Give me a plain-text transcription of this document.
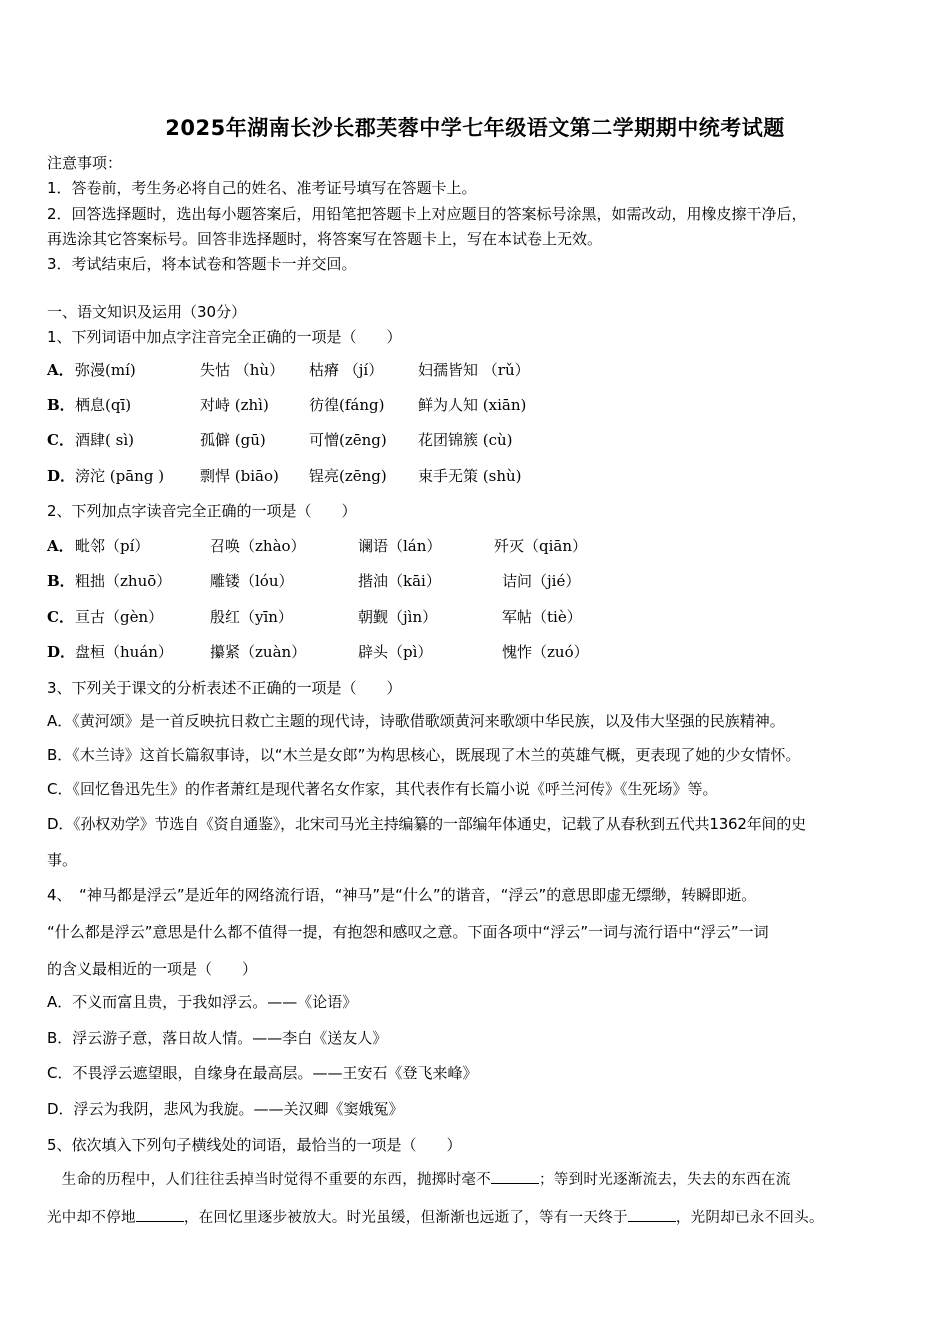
2025年湖南长沙长郡芙蓉中学七年级语文第二学期期中统考试题
注意事项：
1．答卷前，考生务必将自己的姓名、准考证号填写在答题卡上。
2．回答选择题时，选出每小题答案后，用铅笔把答题卡上对应题目的答案标号涂黑，如需改动，用橡皮擦干净后，
再选涂其它答案标号。回答非选择题时，将答案写在答题卡上，写在本试卷上无效。
3．考试结束后，将本试卷和答题卡一并交回。
一、语文知识及运用（30分）
1、下列词语中加点字注音完全正确的一项是（　　）
A． 弥漫(mí)	失怙 （hù） 枯瘠 （jí） 妇孺皆知 （rǔ）
B． 栖息(qī)	对峙 (zhì)	彷徨(fáng) 鲜为人知 (xiān)
C． 酒肆( sì)	孤僻 (gū)	可憎(zēng) 花团锦簇 (cù)
D． 滂沱 (pāng ) 剽悍 (biāo) 锃亮(zēng) 束手无策 (shù)
2、下列加点字读音完全正确的一项是（　　）
A． 毗邻（pí）	召唤（zhào）	谰语（lán）	歼灭（qiān）
B． 粗拙（zhuō）	雕镂（lóu）	揩油（kāi）	诘问（jié）
C． 亘古（gèn）	殷红（yīn）	朝觐（jìn）	军帖（tiè）
D． 盘桓（huán） 攥紧（zuàn）	辟头（pì）	愧怍（zuó）
3、下列关于课文的分析表述不正确的一项是（　　）
A．《黄河颂》是一首反映抗日救亡主题的现代诗，诗歌借歌颂黄河来歌颂中华民族，以及伟大坚强的民族精神。
B．《木兰诗》这首长篇叙事诗，以“木兰是女郎”为构思核心，既展现了木兰的英雄气概，更表现了她的少女情怀。
C．《回忆鲁迅先生》的作者萧红是现代著名女作家，其代表作有长篇小说《呼兰河传》《生死场》等。
D．《孙权劝学》节选自《资自通鉴》，北宋司马光主持编纂的一部编年体通史，记载了从春秋到五代共1362年间的史
事。
4、　“神马都是浮云”是近年的网络流行语，“神马”是“什么”的谐音，“浮云”的意思即虚无缥缈，转瞬即逝。
“什么都是浮云”意思是什么都不值得一提，有抱怨和感叹之意。下面各项中“浮云”一词与流行语中“浮云”一词
的含义最相近的一项是（　　）
A．不义而富且贵，于我如浮云。——《论语》
B．浮云游子意，落日故人情。——李白《送友人》
C．不畏浮云遮望眼，自缘身在最高层。——王安石《登飞来峰》
D．浮云为我阴，悲风为我旋。——关汉卿《窦娥冤》
5、依次填入下列句子横线处的词语，最恰当的一项是（　　）
　生命的历程中，人们往往丢掉当时觉得不重要的东西，抛掷时毫不	；等到时光逐渐流去，失去的东西在流
光中却不停地	，在回忆里逐步被放大。时光虽缓，但渐渐也远逝了，等有一天终于	，光阴却已永不回头。
